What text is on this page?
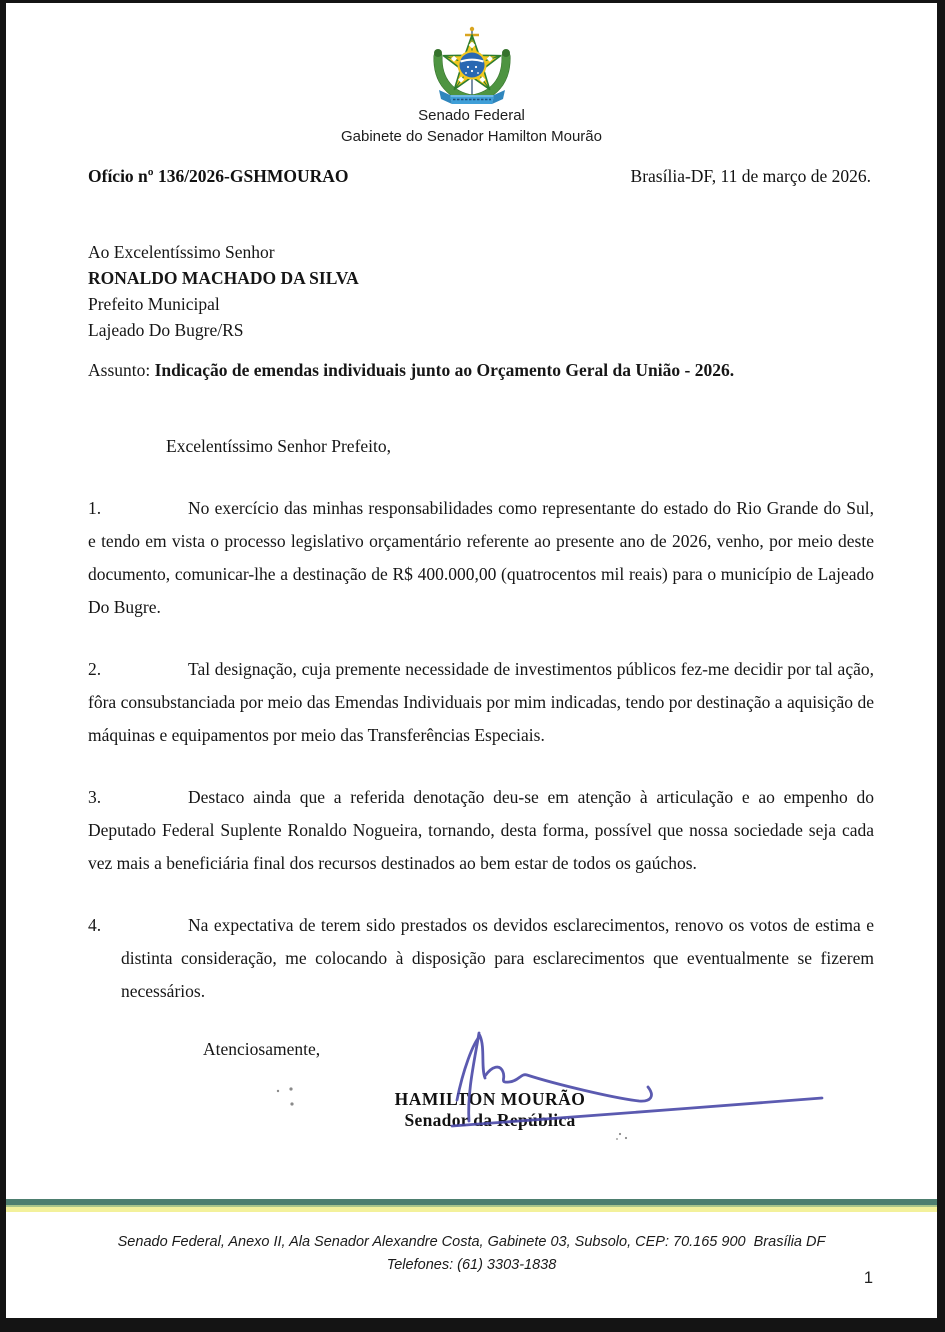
Senado Federal
Gabinete do Senador Hamilton Mourão
Ofício nº 136/2026-GSHMOURAO	Brasília-DF, 11 de março de 2026.
Ao Excelentíssimo Senhor
RONALDO MACHADO DA SILVA
Prefeito Municipal
Lajeado Do Bugre/RS
Assunto: Indicação de emendas individuais junto ao Orçamento Geral da União - 2026.
Excelentíssimo Senhor Prefeito,

1.	No exercício das minhas responsabilidades como representante do estado do Rio Grande do Sul, e tendo em vista o processo legislativo orçamentário referente ao presente ano de 2026, venho, por meio deste documento, comunicar-lhe a destinação de R$ 400.000,00 (quatrocentos mil reais) para o município de Lajeado Do Bugre.

2.	Tal designação, cuja premente necessidade de investimentos públicos fez-me decidir por tal ação, fôra consubstanciada por meio das Emendas Individuais por mim indicadas, tendo por destinação a aquisição de máquinas e equipamentos por meio das Transferências Especiais.

3.	Destaco ainda que a referida denotação deu-se em atenção à articulação e ao empenho do Deputado Federal Suplente Ronaldo Nogueira, tornando, desta forma, possível que nossa sociedade seja cada vez mais a beneficiária final dos recursos destinados ao bem estar de todos os gaúchos.

4.	Na expectativa de terem sido prestados os devidos esclarecimentos, renovo os votos de estima e distinta consideração, me colocando à disposição para esclarecimentos que eventualmente se fizerem necessários.

Atenciosamente,
HAMILTON MOURÃO
Senador da República
Senado Federal, Anexo II, Ala Senador Alexandre Costa, Gabinete 03, Subsolo, CEP: 70.165 900  Brasília DF
Telefones: (61) 3303-1838
1
